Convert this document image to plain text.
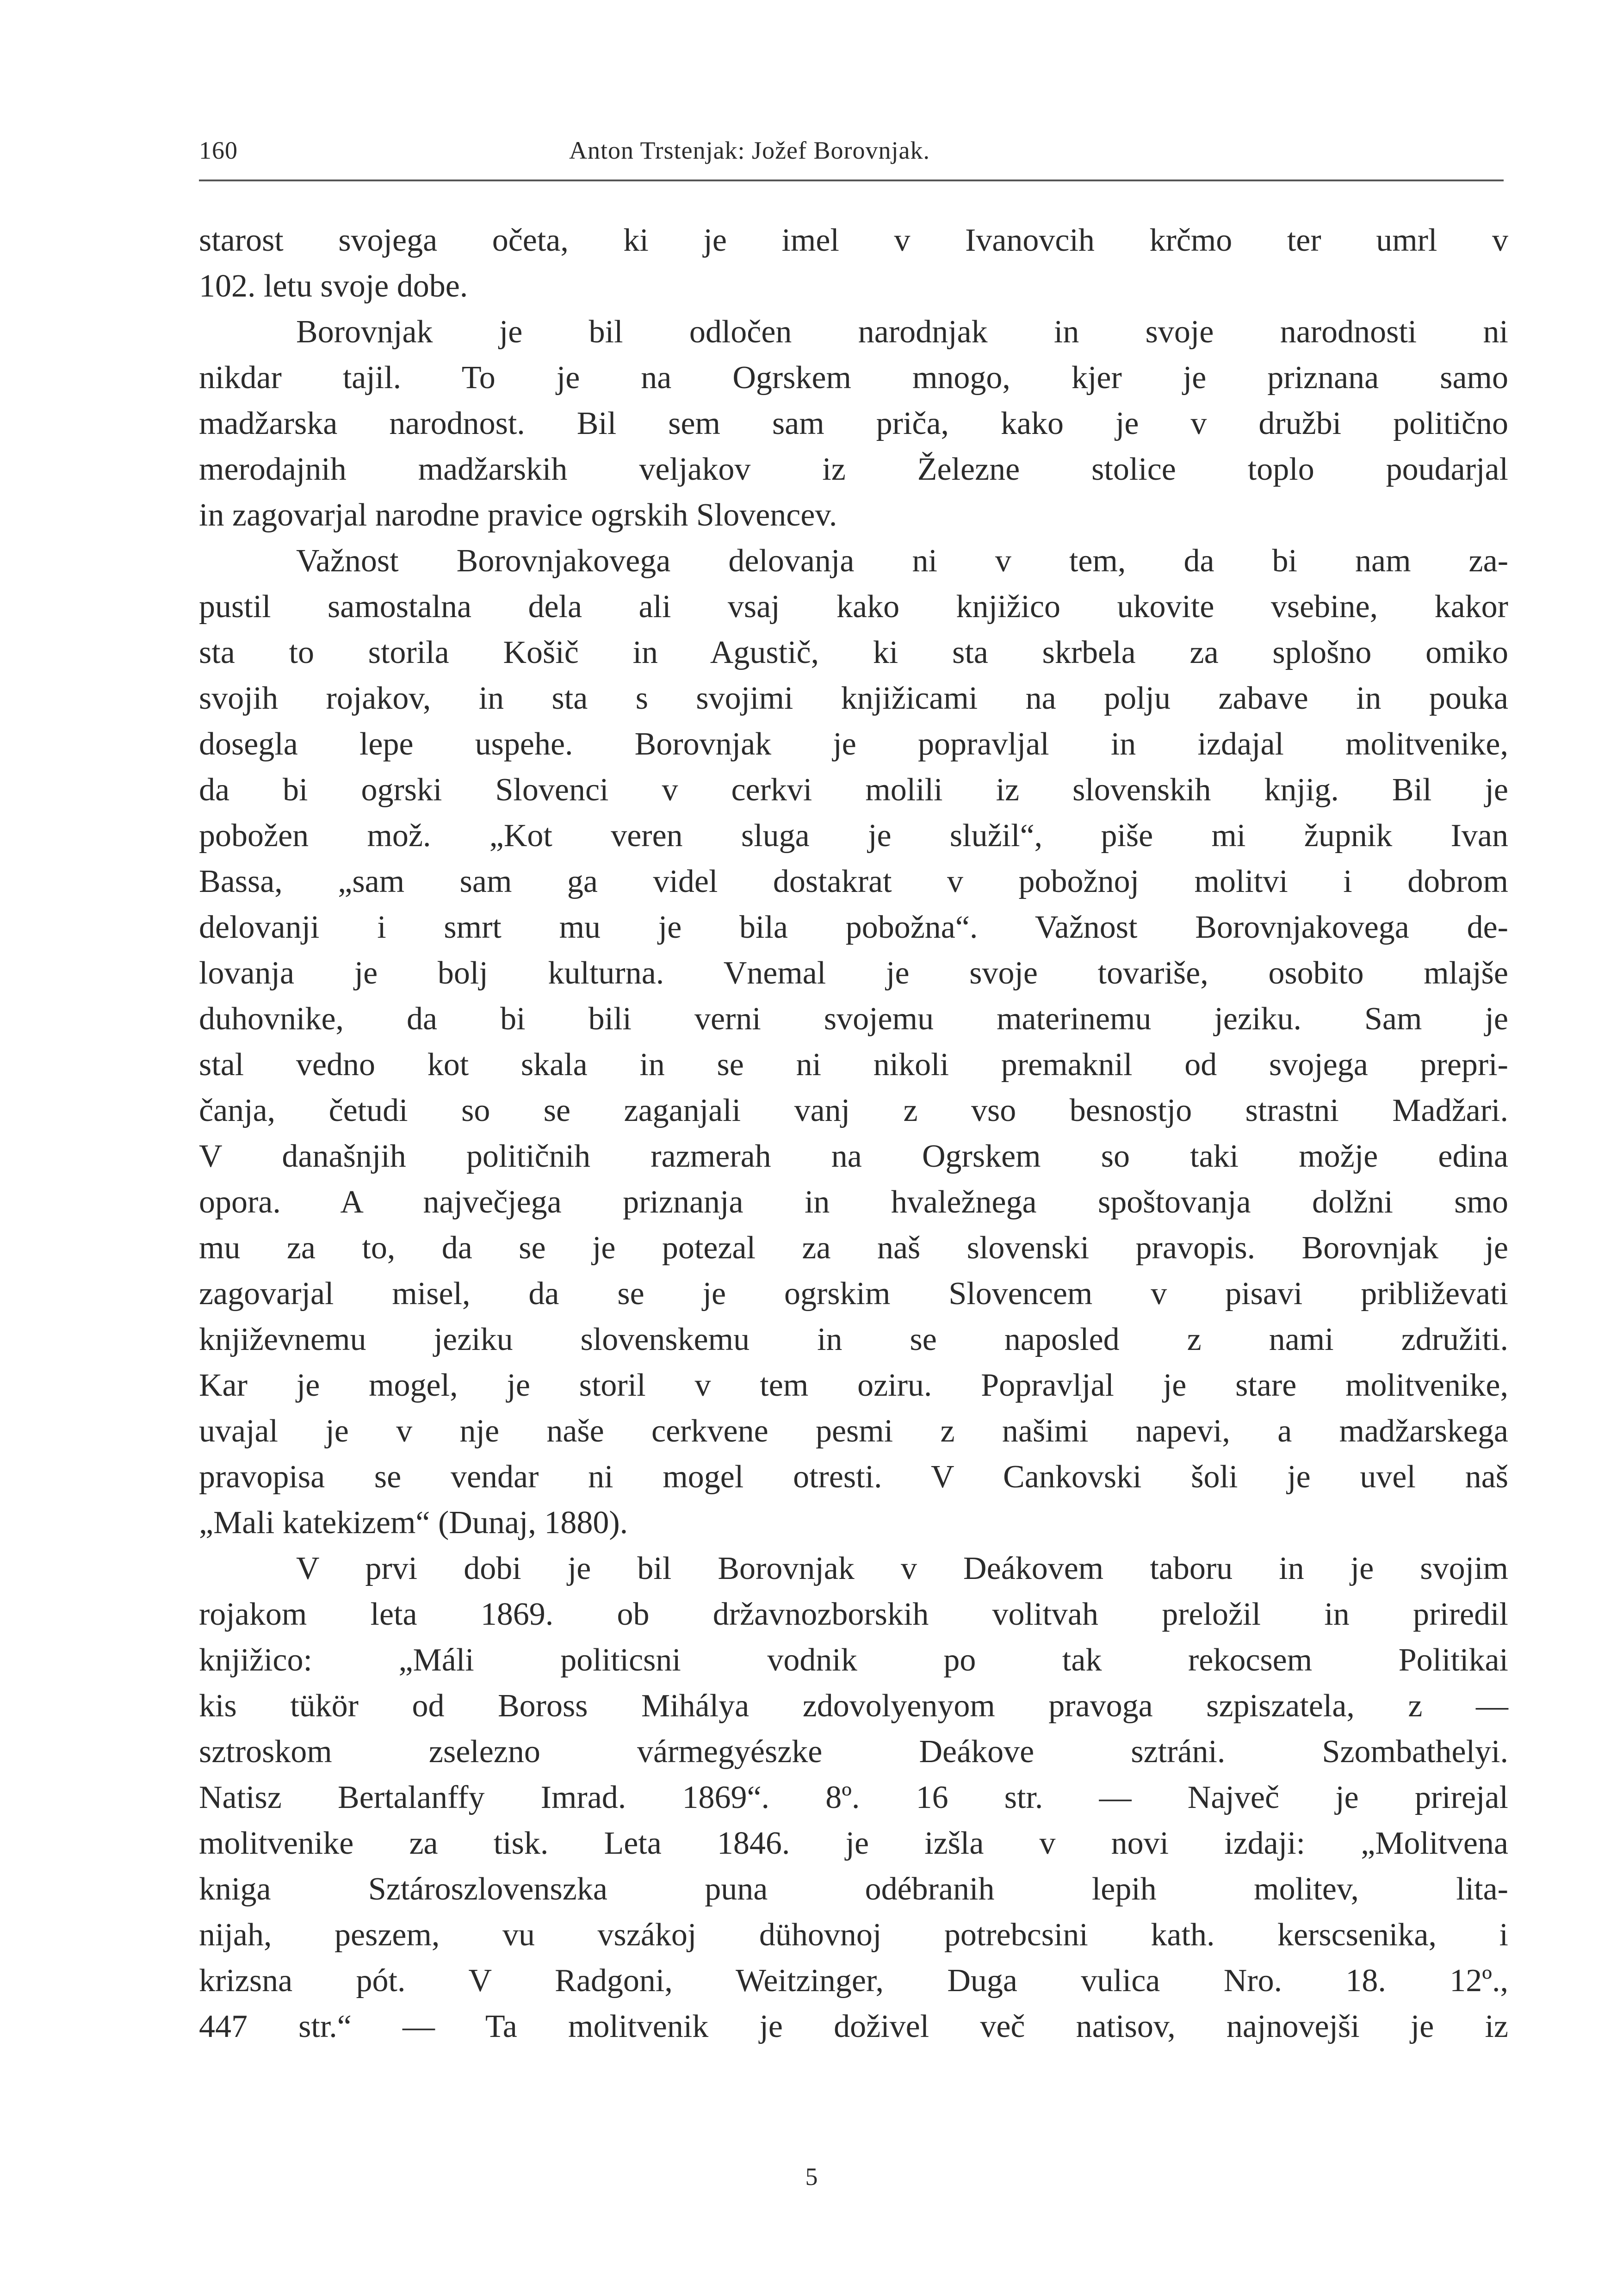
160	Anton Trstenjak: Jožef Borovnjak.
starost svojega očeta, ki je imel v Ivanovcih krčmo ter umrl v
102. letu svoje dobe.
Borovnjak je bil odločen narodnjak in svoje narodnosti ni
nikdar tajil. To je na Ogrskem mnogo, kjer je priznana samo
madžarska narodnost. Bil sem sam priča, kako je v družbi politično
merodajnih madžarskih veljakov iz Železne stolice toplo poudarjal
in zagovarjal narodne pravice ogrskih Slovencev.
Važnost Borovnjakovega delovanja ni v tem, da bi nam za-
pustil samostalna dela ali vsaj kako knjižico ukovite vsebine, kakor
sta to storila Košič in Agustič, ki sta skrbela za splošno omiko
svojih rojakov, in sta s svojimi knjižicami na polju zabave in pouka
dosegla lepe uspehe. Borovnjak je popravljal in izdajal molitvenike,
da bi ogrski Slovenci v cerkvi molili iz slovenskih knjig. Bil je
pobožen mož. „Kot veren sluga je služil“, piše mi župnik Ivan
Bassa, „sam sam ga videl dostakrat v pobožnoj molitvi i dobrom
delovanji i smrt mu je bila pobožna“. Važnost Borovnjakovega de-
lovanja je bolj kulturna. Vnemal je svoje tovariše, osobito mlajše
duhovnike, da bi bili verni svojemu materinemu jeziku. Sam je
stal vedno kot skala in se ni nikoli premaknil od svojega prepri-
čanja, četudi so se zaganjali vanj z vso besnostjo strastni Madžari.
V današnjih političnih razmerah na Ogrskem so taki možje edina
opora. A največjega priznanja in hvaležnega spoštovanja dolžni smo
mu za to, da se je potezal za naš slovenski pravopis. Borovnjak je
zagovarjal misel, da se je ogrskim Slovencem v pisavi približevati
književnemu jeziku slovenskemu in se naposled z nami združiti.
Kar je mogel, je storil v tem oziru. Popravljal je stare molitvenike,
uvajal je v nje naše cerkvene pesmi z našimi napevi, a madžarskega
pravopisa se vendar ni mogel otresti. V Cankovski šoli je uvel naš
„Mali katekizem“ (Dunaj, 1880).
V prvi dobi je bil Borovnjak v Deákovem taboru in je svojim
rojakom leta 1869. ob državnozborskih volitvah preložil in priredil
knjižico: „Máli politicsni vodnik po tak rekocsem Politikai
kis tükör od Boross Mihálya zdovolyenyom pravoga szpiszatela, z —
sztroskom zselezno vármegyészke Deákove sztráni. Szombathelyi.
Natisz Bertalanffy Imrad. 1869“. 8º. 16 str. — Največ je prirejal
molitvenike za tisk. Leta 1846. je izšla v novi izdaji: „Molitvena
kniga Sztároszlovenszka puna odébranih lepih molitev, lita-
nijah, peszem, vu vszákoj dühovnoj potrebcsini kath. kerscsenika, i
krizsna pót. V Radgoni, Weitzinger, Duga vulica Nro. 18. 12º.,
447 str.“ — Ta molitvenik je doživel več natisov, najnovejši je iz
5
